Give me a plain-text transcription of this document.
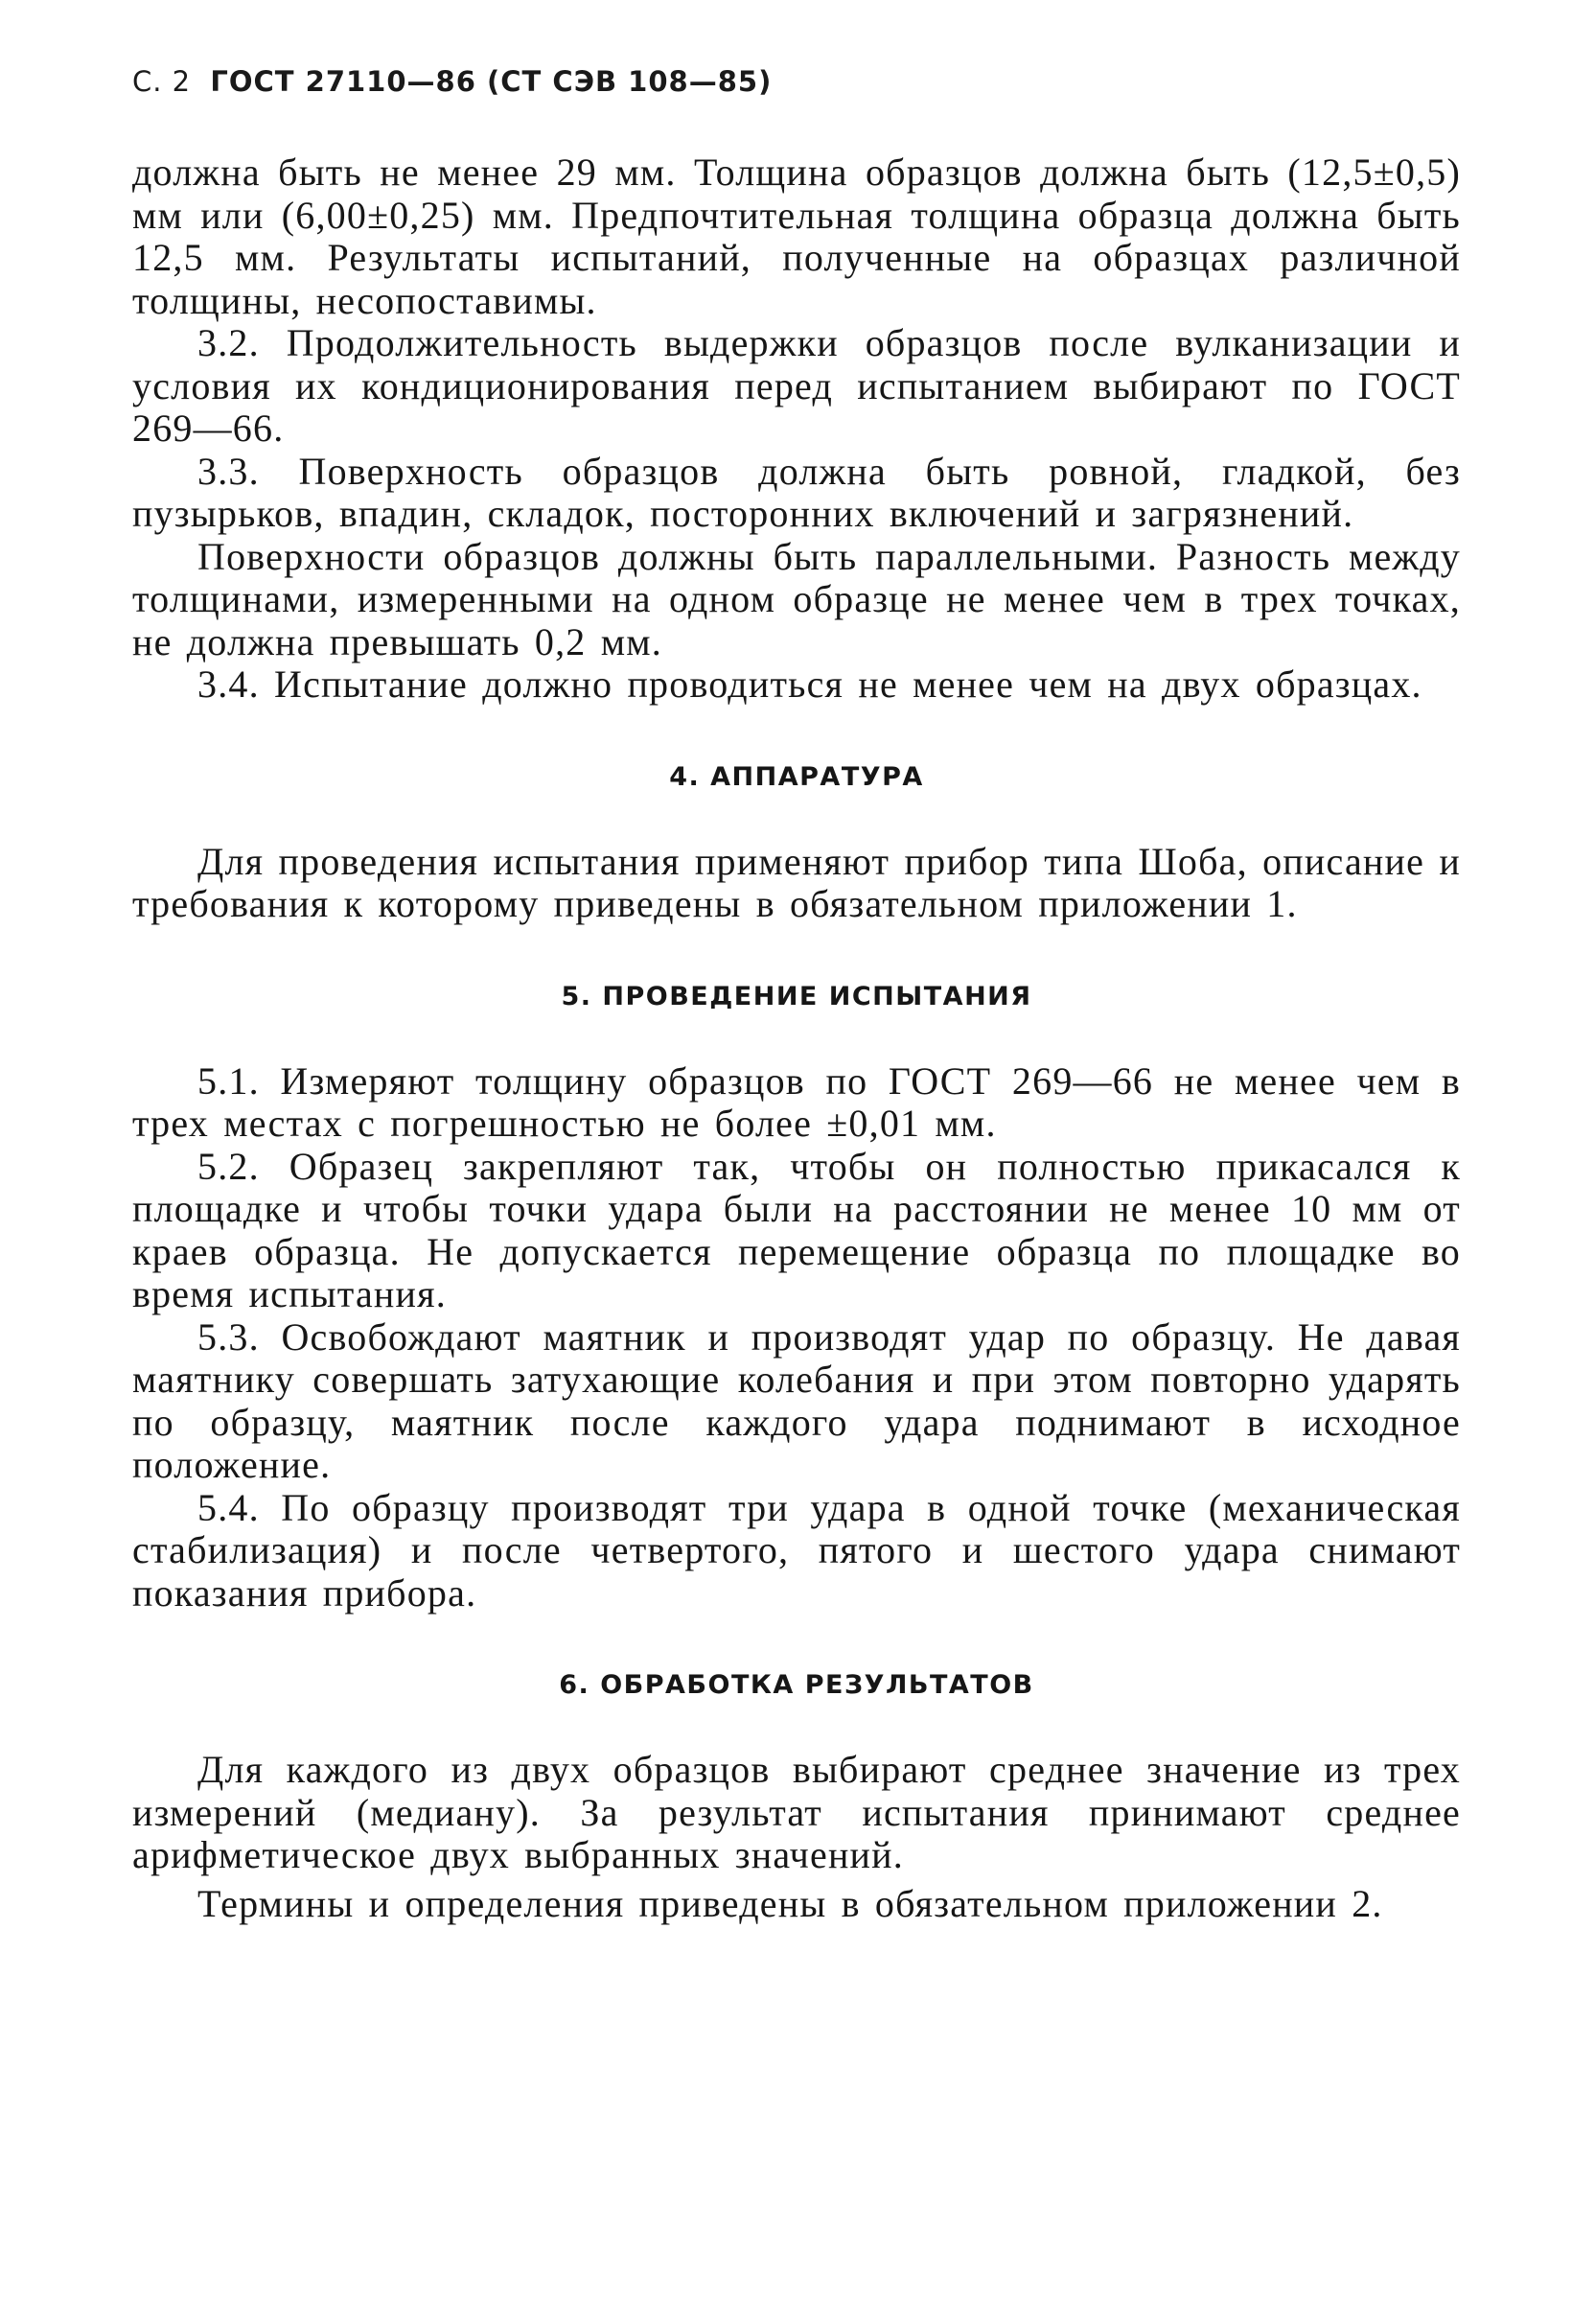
С. 2 ГОСТ 27110—86 (СТ СЭВ 108—85)

должна быть не менее 29 мм. Толщина образцов должна быть (12,5±0,5) мм или (6,00±0,25) мм. Предпочтительная толщина образца должна быть 12,5 мм. Результаты испытаний, полученные на образцах различной толщины, несопоставимы.

3.2. Продолжительность выдержки образцов после вулканизации и условия их кондиционирования перед испытанием выбирают по ГОСТ 269—66.

3.3. Поверхность образцов должна быть ровной, гладкой, без пузырьков, впадин, складок, посторонних включений и загрязнений.

Поверхности образцов должны быть параллельными. Разность между толщинами, измеренными на одном образце не менее чем в трех точках, не должна превышать 0,2 мм.

3.4. Испытание должно проводиться не менее чем на двух образцах.

4. АППАРАТУРА

Для проведения испытания применяют прибор типа Шоба, описание и требования к которому приведены в обязательном приложении 1.

5. ПРОВЕДЕНИЕ ИСПЫТАНИЯ

5.1. Измеряют толщину образцов по ГОСТ 269—66 не менее чем в трех местах с погрешностью не более ±0,01 мм.

5.2. Образец закрепляют так, чтобы он полностью прикасался к площадке и чтобы точки удара были на расстоянии не менее 10 мм от краев образца. Не допускается перемещение образца по площадке во время испытания.

5.3. Освобождают маятник и производят удар по образцу. Не давая маятнику совершать затухающие колебания и при этом повторно ударять по образцу, маятник после каждого удара поднимают в исходное положение.

5.4. По образцу производят три удара в одной точке (механическая стабилизация) и после четвертого, пятого и шестого удара снимают показания прибора.

6. ОБРАБОТКА РЕЗУЛЬТАТОВ

Для каждого из двух образцов выбирают среднее значение из трех измерений (медиану). За результат испытания принимают среднее арифметическое двух выбранных значений.

Термины и определения приведены в обязательном приложении 2.
